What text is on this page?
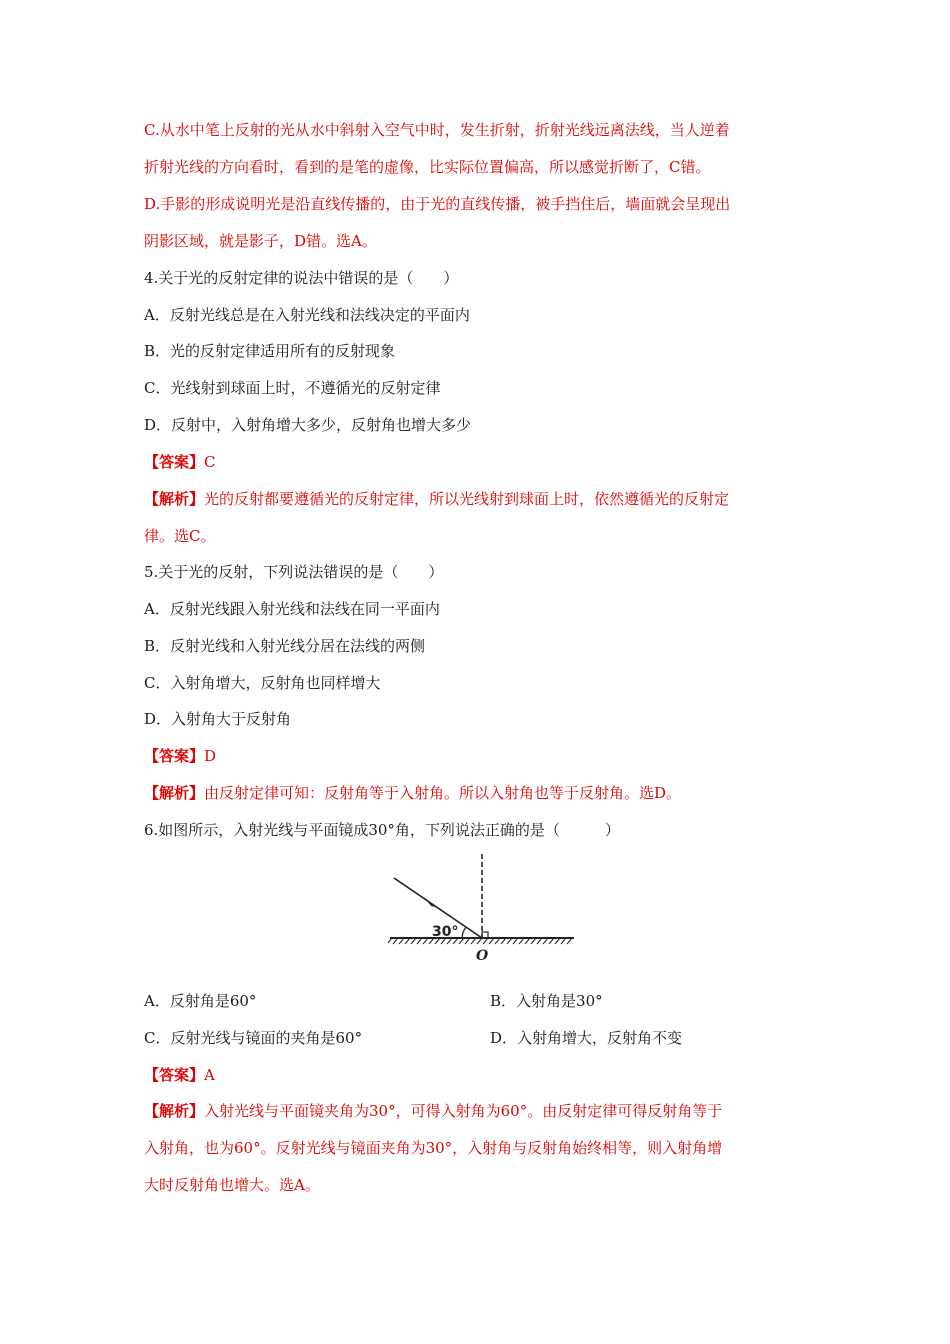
C.从水中笔上反射的光从水中斜射入空气中时，发生折射，折射光线远离法线，当人逆着
折射光线的方向看时，看到的是笔的虚像，比实际位置偏高，所以感觉折断了，C错。
D.手影的形成说明光是沿直线传播的，由于光的直线传播，被手挡住后，墙面就会呈现出
阴影区域，就是影子，D错。选A。
4.关于光的反射定律的说法中错误的是（　　）
A．反射光线总是在入射光线和法线决定的平面内
B．光的反射定律适用所有的反射现象
C．光线射到球面上时，不遵循光的反射定律
D．反射中，入射角增大多少，反射角也增大多少
【答案】C
【解析】光的反射都要遵循光的反射定律，所以光线射到球面上时，依然遵循光的反射定
律。选C。
5.关于光的反射，下列说法错误的是（　　）
A．反射光线跟入射光线和法线在同一平面内
B．反射光线和入射光线分居在法线的两侧
C．入射角增大，反射角也同样增大
D．入射角大于反射角
【答案】D
【解析】由反射定律可知：反射角等于入射角。所以入射角也等于反射角。选D。
6.如图所示，入射光线与平面镜成30°角，下列说法正确的是（　　　）
30°
O
A．反射角是60°	B．入射角是30°
C．反射光线与镜面的夹角是60°	D．入射角增大，反射角不变
【答案】A
【解析】入射光线与平面镜夹角为30°，可得入射角为60°。由反射定律可得反射角等于
入射角，也为60°。反射光线与镜面夹角为30°，入射角与反射角始终相等，则入射角增
大时反射角也增大。选A。
